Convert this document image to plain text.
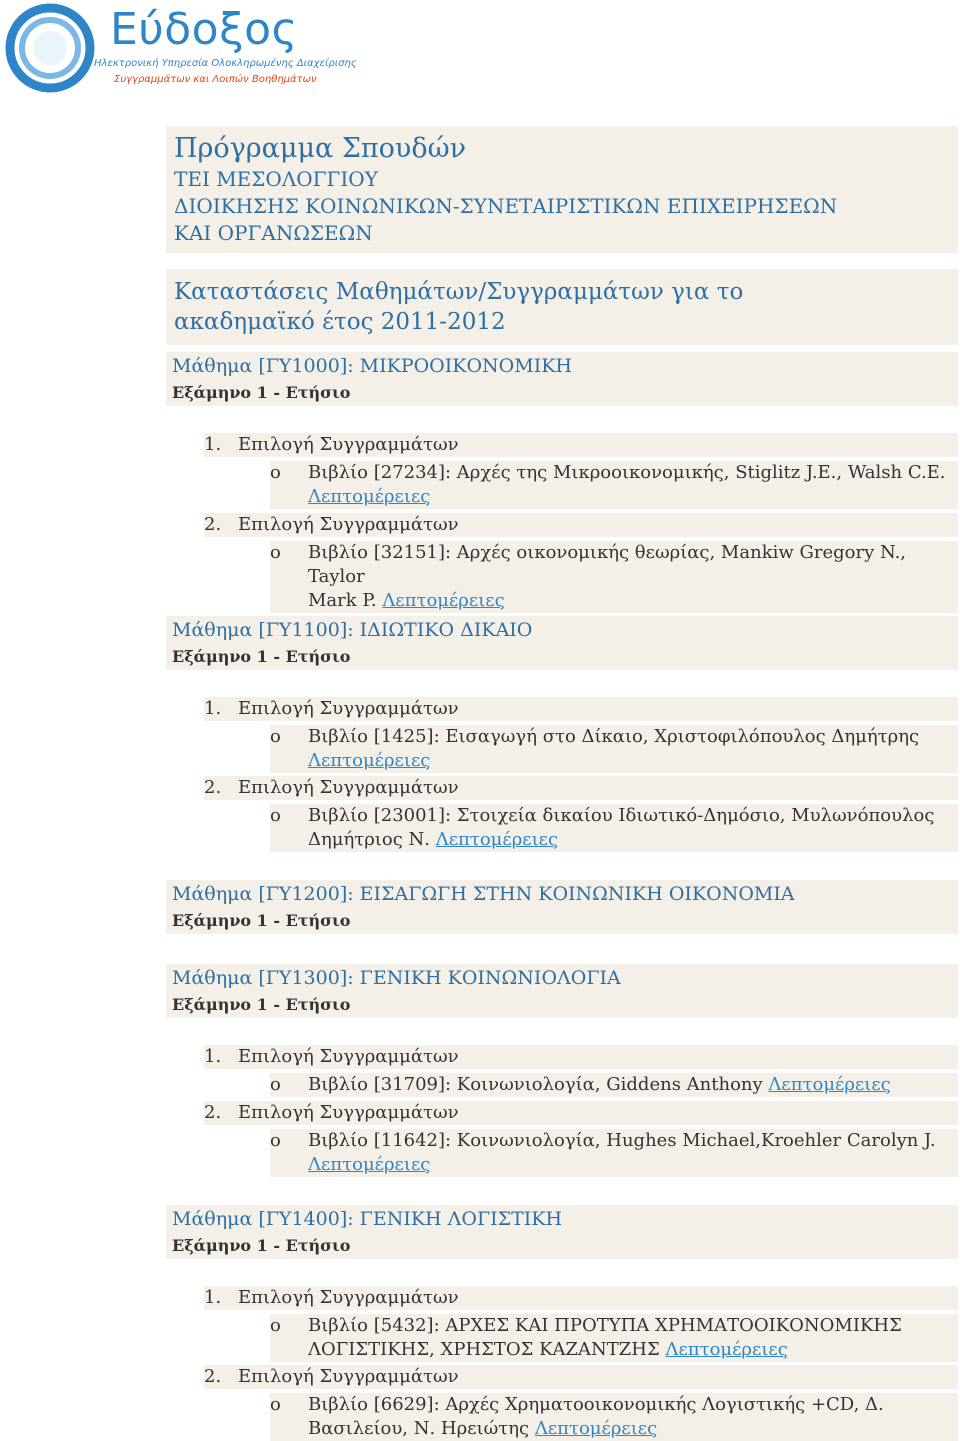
Εύδοξος
Ηλεκτρονική Υπηρεσία Ολοκληρωμένης Διαχείρισης
Συγγραμμάτων και Λοιπών Βοηθημάτων
Πρόγραμμα Σπουδών
ΤΕΙ ΜΕΣΟΛΟΓΓΙΟΥ
ΔΙΟΙΚΗΣΗΣ ΚΟΙΝΩΝΙΚΩΝ-ΣΥΝΕΤΑΙΡΙΣΤΙΚΩΝ ΕΠΙΧΕΙΡΗΣΕΩΝ
ΚΑΙ ΟΡΓΑΝΩΣΕΩΝ
Καταστάσεις Μαθημάτων/Συγγραμμάτων για το
ακαδημαϊκό έτος 2011-2012
Μάθημα [ΓΥ1000]: ΜΙΚΡΟΟΙΚΟΝΟΜΙΚΗ
Εξάμηνο 1 - Ετήσιο
1. Επιλογή Συγγραμμάτων
o Βιβλίο [27234]: Αρχές της Μικροοικονομικής, Stiglitz J.E., Walsh C.E.
Λεπτομέρειες
2. Επιλογή Συγγραμμάτων
o Βιβλίο [32151]: Αρχές οικονομικής θεωρίας, Mankiw Gregory N., Taylor
Mark P. Λεπτομέρειες
Μάθημα [ΓΥ1100]: ΙΔΙΩΤΙΚΟ ΔΙΚΑΙΟ
Εξάμηνο 1 - Ετήσιο
1. Επιλογή Συγγραμμάτων
o Βιβλίο [1425]: Εισαγωγή στο Δίκαιο, Χριστοφιλόπουλος Δημήτρης
Λεπτομέρειες
2. Επιλογή Συγγραμμάτων
o Βιβλίο [23001]: Στοιχεία δικαίου Ιδιωτικό-Δημόσιο, Μυλωνόπουλος
Δημήτριος Ν. Λεπτομέρειες
Μάθημα [ΓΥ1200]: ΕΙΣΑΓΩΓΗ ΣΤΗΝ ΚΟΙΝΩΝΙΚΗ ΟΙΚΟΝΟΜΙΑ
Εξάμηνο 1 - Ετήσιο
Μάθημα [ΓΥ1300]: ΓΕΝΙΚΗ ΚΟΙΝΩΝΙΟΛΟΓΙΑ
Εξάμηνο 1 - Ετήσιο
1. Επιλογή Συγγραμμάτων
o Βιβλίο [31709]: Κοινωνιολογία, Giddens Anthony Λεπτομέρειες
2. Επιλογή Συγγραμμάτων
o Βιβλίο [11642]: Κοινωνιολογία, Hughes Michael,Kroehler Carolyn J.
Λεπτομέρειες
Μάθημα [ΓΥ1400]: ΓΕΝΙΚΗ ΛΟΓΙΣΤΙΚΗ
Εξάμηνο 1 - Ετήσιο
1. Επιλογή Συγγραμμάτων
o Βιβλίο [5432]: ΑΡΧΕΣ ΚΑΙ ΠΡΟΤΥΠΑ ΧΡΗΜΑΤΟΟΙΚΟΝΟΜΙΚΗΣ
ΛΟΓΙΣΤΙΚΗΣ, ΧΡΗΣΤΟΣ ΚΑΖΑΝΤΖΗΣ Λεπτομέρειες
2. Επιλογή Συγγραμμάτων
o Βιβλίο [6629]: Αρχές Χρηματοοικονομικής Λογιστικής +CD, Δ.
Βασιλείου, Ν. Ηρειώτης Λεπτομέρειες
